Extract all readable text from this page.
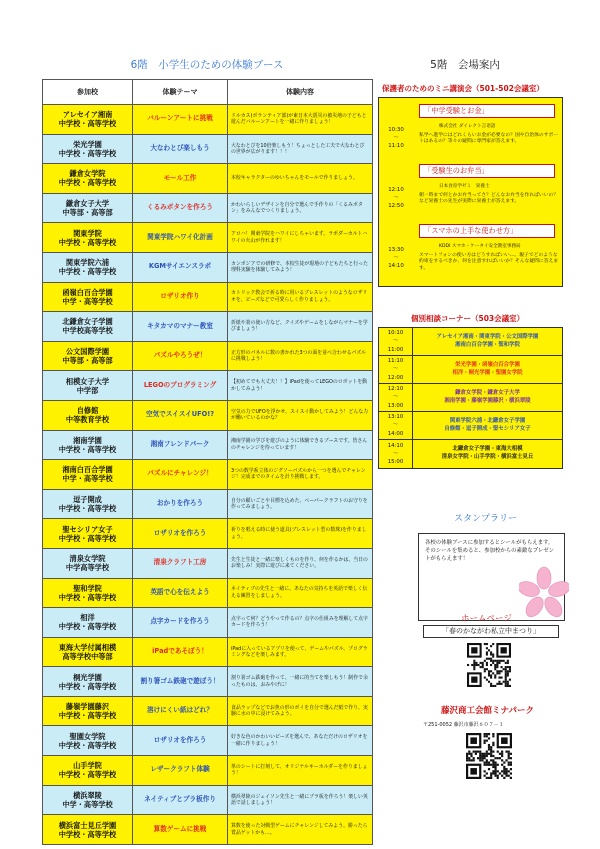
6階　小学生のための体験ブース	5階　会場案内
参加校	体験テーマ	体験内容
アレセイア湘南
中学校・高等学校	バルーンアートに挑戦	ドルカス(ボランティア部)が東日本大震災の被災地の子どもと遊んだバルーンアートを一緒に作りましょう！
栄光学園
中学校・高等学校	大なわとび楽しもう	大なわとびを10倍楽しもう！ちょっとした工夫で大なわとびの世界が広がります！！！
鎌倉女学院
中学校・高等学校	モール工作	本校キャラクターのゆいちゃんをモールで作りましょう。
鎌倉女子大学
中等部・高等部	くるみボタンを作ろう	かわいらしいデザインを自分で選んで手作りの「くるみボタン」をみんなでつくりましょう。
関東学院
中学校・高等学校	関東学院ハワイ化計画	アロハ！関東学院をハワイにしちゃいます。ラポダーカルトハワイの火山が作れます！
関東学院六浦
中学校・高等学校	KGMサイエンスラボ	カンボジアでの研修で、本校生徒が現地の子どもたちと行った理科実験を体験してみよう！
函嶺白百合学園
中学・高等学校	ロザリオ作り	カトリック教会で祈る時に用いるブレスレットのようなロザリオを、ビーズなどで可愛らしく作りましょう。
北鎌倉女子学園
中学校高等学校	キタカマのマナー教室	折紙や箸の使い方など、クイズやゲームをしながらマナーを学びましょう！
公文国際学園
中等部・高等部	パズルやろうぜ！	正方形のパネルに数の書かれた3つの面を並べ合わせるパズルに挑戦しよう！
相模女子大学
中学部	LEGOのプログラミング	【初めてでも大丈夫！！】iPadを使ってLEGOのロボットを動かしてみよう！
自修館
中等教育学校	空気でスイスイUFO!?	空気の力でUFOを浮かせ、スイスイ動かしてみよう！どんな力が働いているのかな？
湘南学園
中学校・高等学校	湘南フレンドパーク	湘南学園の学びを遊びのように体験できるブースです。皆さんのチャレンジを待っています！
湘南白百合学園
中学・高等学校	パズルにチャレンジ！	3つの数学系立体のジグソーパズルから一つを選んでチャレンジ！完成までのタイムを計り挑戦します。
逗子開成
中学校・高等学校	おかりを作ろう	自分の願いごとや目標を込めた、ペーパークラフトのお守りを作ってみましょう。
聖セシリア女子
中学校・高等学校	ロザリオを作ろう	祈りを唱える時に使う道具(ブレスレット型の数珠)を作りましょう。
清泉女学院
中学高等学校	清泉クラフト工房	先生と生徒と一緒に楽しくものを作り、何を作るかは、当日のお楽しみ！実際に遊びに来てください。
聖和学院
中学校・高等学校	英語で心を伝えよう	ネイティブの先生と一緒に、あなたの気持ちを英語で楽しく伝える練習をしましょう。
相洋
中学校・高等学校	点字カードを作ろう	点字って何？どうやって作るの？点字の仕組みを理解して点字カードを作ろう！
東海大学付属相模
高等学校中等部	iPadであそぼう！	iPadに入っているアプリを使って、ゲームやパズル、プログラミングなどを楽しみます。
桐光学園
中学校・高等学校	割り箸ゴム鉄砲で遊ぼう！	割り箸ゴム鉄砲を作って、一緒に的当てを楽しもう！制作で余ったものは、おみやげに！
藤嶺学園藤沢
中学校・高等学校	溶けにくい紙はどれ？	食品ラップなどでお魚の形のポイを自分で選んだ紙で作り、実験に水の中に浸けてみよう。
聖園女学院
中学校・高等学校	ロザリオを作ろう	好きな色のかわいいビーズを選んで、あなただけのロザリオを一緒に作りましょう！
山手学院
中学校・高等学校	レザークラフト体験	革のシートに打刻して、オリジナルキーホルダーを作りましょう！
横浜翠陵
中学・高等学校	ネイティブとプラ板作り	横浜翠陵のジェイソン先生と一緒にプラ板を作ろう！楽しい英語で話しましょう！
横浜富士見丘学園
中学校・高等学校	算数ゲームに挑戦	算数を使った対戦型ゲームにチャレンジしてみよう。勝ったら賞品ゲットかも…。
保護者のためのミニ講演会（501-502会議室）
10:30
～
11:10
「中学受験とお金」
株式会社 ダイレクト言语語
私学へ進学にはどれくらいお金が必要なの？国や自治体のサポートはあるの？等々の疑問に専門家が答えます。
12:10
～
12:50
「受験生のお弁当」
日本食育学ゼミ　栄養士
朝一時まで何とかお弁当ってさ？どんなお弁当を作ればいいの？など栄養士の先生が実際に栄養士が答えます。
13:30
～
14:10
「スマホの上手な使わせ方」
KDDI スマホ・ケータイ安全教室事務局
スマートフォンの使い方はどうすればいい…。親子でどのような約束をするべきか、何を注意すればいいか？そんな疑問に答えます。
個別相談コーナー（503会議室）
10:10
～
11:00
アレセイア湘南・関東学院・公文国際学園
湘南白百合学園・聖和学院
11:10
～
12:00
栄光学園・函嶺白百合学園
相洋・桐光学園・聖園女学院
12:10
～
13:00
鎌倉女学院・鎌倉女子大学
湘南学園・藤嶺学園藤沢・横浜翠陵
13:10
～
14:00
関東学院六浦・北鎌倉女子学園
自修館・逗子開成・聖セシリア女子
14:10
～
15:00
北鎌倉女子学園・東海大相模
清泉女学院・山手学院・横浜富士見丘
スタンプラリー
各校の体験ブースに参加するとシールがもらえます。そのシールを集めると、参加校からの素敵なプレゼントがもらえます！
ホームページ
「春のかながわ私立中まつり」
藤沢商工会館ミナパーク
〒251-0052 藤沢市藤沢６０７－１
